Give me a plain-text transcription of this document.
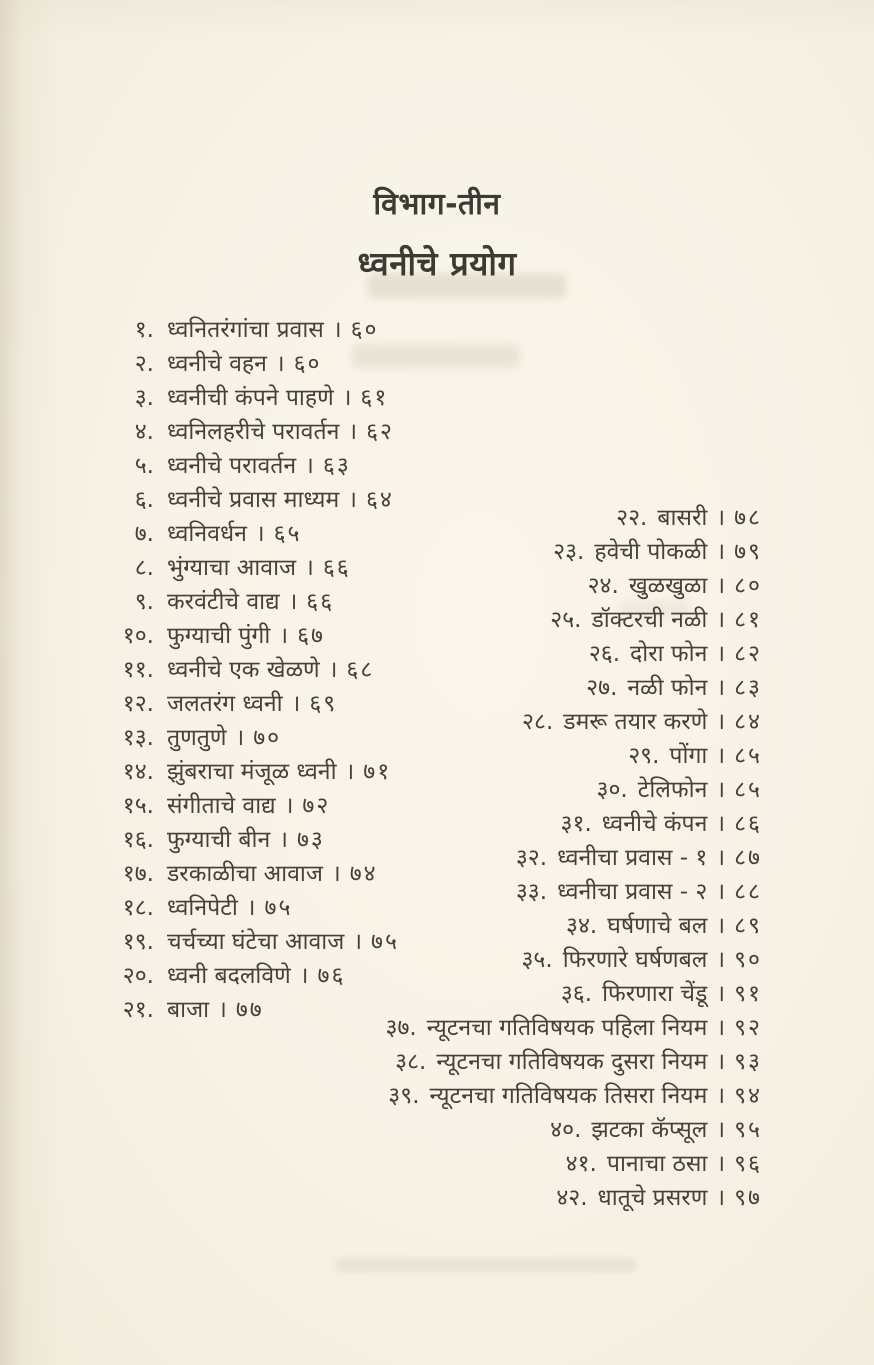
विभाग-तीन
ध्वनीचे प्रयोग
१. ध्वनितरंगांचा प्रवास । ६०
२. ध्वनीचे वहन । ६०
३. ध्वनीची कंपने पाहणे । ६१
४. ध्वनिलहरीचे परावर्तन । ६२
५. ध्वनीचे परावर्तन । ६३
६. ध्वनीचे प्रवास माध्यम । ६४
७. ध्वनिवर्धन । ६५
८. भुंग्याचा आवाज । ६६
९. करवंटीचे वाद्य । ६६
१०. फुग्याची पुंगी । ६७
११. ध्वनीचे एक खेळणे । ६८
१२. जलतरंग ध्वनी । ६९
१३. तुणतुणे । ७०
१४. झुंबराचा मंजूळ ध्वनी । ७१
१५. संगीताचे वाद्य । ७२
१६. फुग्याची बीन । ७३
१७. डरकाळीचा आवाज । ७४
१८. ध्वनिपेटी । ७५
१९. चर्चच्या घंटेचा आवाज । ७५
२०. ध्वनी बदलविणे । ७६
२१. बाजा । ७७
२२. बासरी । ७८
२३. हवेची पोकळी । ७९
२४. खुळखुळा । ८०
२५. डॉक्टरची नळी । ८१
२६. दोरा फोन । ८२
२७. नळी फोन । ८३
२८. डमरू तयार करणे । ८४
२९. पोंगा । ८५
३०. टेलिफोन । ८५
३१. ध्वनीचे कंपन । ८६
३२. ध्वनीचा प्रवास - १ । ८७
३३. ध्वनीचा प्रवास - २ । ८८
३४. घर्षणाचे बल । ८९
३५. फिरणारे घर्षणबल । ९०
३६. फिरणारा चेंडू । ९१
३७. न्यूटनचा गतिविषयक पहिला नियम । ९२
३८. न्यूटनचा गतिविषयक दुसरा नियम । ९३
३९. न्यूटनचा गतिविषयक तिसरा नियम । ९४
४०. झटका कॅप्सूल । ९५
४१. पानाचा ठसा । ९६
४२. धातूचे प्रसरण । ९७
